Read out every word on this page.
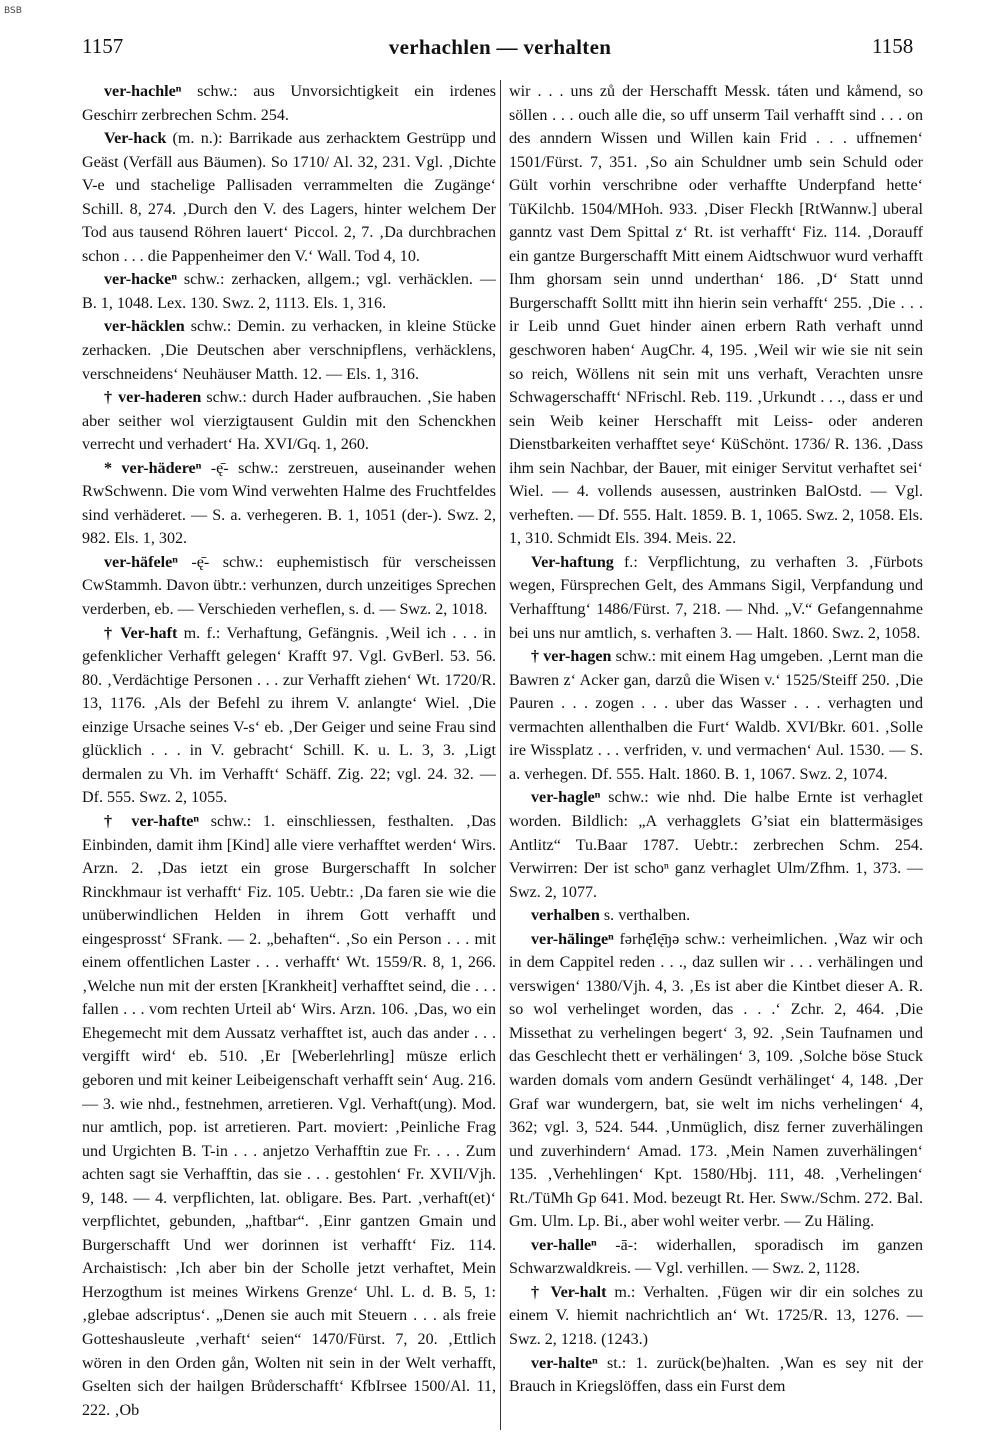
BSB
1157	verhachlen — verhalten	1158

ver-hachleⁿ schw.: aus Unvorsichtigkeit ein irdenes Geschirr zerbrechen Schm. 254.

Ver-hack (m. n.): Barrikade aus zerhacktem Gestrüpp und Geäst (Verfäll aus Bäumen). So 1710/ Al. 32, 231. Vgl. ‚Dichte V-e und stachelige Pallisaden verrammelten die Zugänge‘ Schill. 8, 274. ‚Durch den V. des Lagers, hinter welchem Der Tod aus tausend Röhren lauert‘ Piccol. 2, 7. ‚Da durchbrachen schon . . . die Pappenheimer den V.‘ Wall. Tod 4, 10.

ver-hackeⁿ schw.: zerhacken, allgem.; vgl. verhäcklen. — B. 1, 1048. Lex. 130. Swz. 2, 1113. Els. 1, 316.

ver-häcklen schw.: Demin. zu verhacken, in kleine Stücke zerhacken. ‚Die Deutschen aber verschnipflens, verhäcklens, verschneidens‘ Neuhäuser Matth. 12. — Els. 1, 316.

† ver-haderen schw.: durch Hader aufbrauchen. ‚Sie haben aber seither wol vierzigtausent Guldin mit den Schenckhen verrecht und verhadert‘ Ha. XVI/Gq. 1, 260.

* ver-hädereⁿ -ę̄- schw.: zerstreuen, auseinander wehen RwSchwenn. Die vom Wind verwehten Halme des Fruchtfeldes sind verhäderet. — S. a. verhegeren. B. 1, 1051 (der-). Swz. 2, 982. Els. 1, 302.

ver-häfeleⁿ -ę̄- schw.: euphemistisch für verscheissen CwStammh. Davon übtr.: verhunzen, durch unzeitiges Sprechen verderben, eb. — Verschieden verheflen, s. d. — Swz. 2, 1018.

† Ver-haft m. f.: Verhaftung, Gefängnis. ‚Weil ich . . . in gefenklicher Verhafft gelegen‘ Krafft 97. Vgl. GvBerl. 53. 56. 80. ‚Verdächtige Personen . . . zur Verhafft ziehen‘ Wt. 1720/R. 13, 1176. ‚Als der Befehl zu ihrem V. anlangte‘ Wiel. ‚Die einzige Ursache seines V-s‘ eb. ‚Der Geiger und seine Frau sind glücklich . . . in V. gebracht‘ Schill. K. u. L. 3, 3. ‚Ligt dermalen zu Vh. im Verhafft‘ Schäff. Zig. 22; vgl. 24. 32. — Df. 555. Swz. 2, 1055.

† ver-hafteⁿ schw.: 1. einschliessen, festhalten. ‚Das Einbinden, damit ihm [Kind] alle viere verhafftet werden‘ Wirs. Arzn. 2. ‚Das ietzt ein grose Burgerschafft In solcher Rinckhmaur ist verhafft‘ Fiz. 105. Uebtr.: ‚Da faren sie wie die unüberwindlichen Helden in ihrem Gott verhafft und eingesprosst‘ SFrank. — 2. „behaften“. ‚So ein Person . . . mit einem offentlichen Laster . . . verhafft‘ Wt. 1559/R. 8, 1, 266. ‚Welche nun mit der ersten [Krankheit] verhafftet seind, die . . . fallen . . . vom rechten Urteil ab‘ Wirs. Arzn. 106. ‚Das, wo ein Ehegemecht mit dem Aussatz verhafftet ist, auch das ander . . . vergifft wird‘ eb. 510. ‚Er [Weberlehrling] müsze erlich geboren und mit keiner Leibeigenschaft verhafft sein‘ Aug. 216. — 3. wie nhd., festnehmen, arretieren. Vgl. Verhaft(ung). Mod. nur amtlich, pop. ist arretieren. Part. moviert: ‚Peinliche Frag und Urgichten B. T-in . . . anjetzo Verhafftin zue Fr. . . . Zum achten sagt sie Verhafftin, das sie . . . gestohlen‘ Fr. XVII/Vjh. 9, 148. — 4. verpflichten, lat. obligare. Bes. Part. ‚verhaft(et)‘ verpflichtet, gebunden, „haftbar“. ‚Einr gantzen Gmain und Burgerschafft Und wer dorinnen ist verhafft‘ Fiz. 114. Archaistisch: ‚Ich aber bin der Scholle jetzt verhaftet, Mein Herzogthum ist meines Wirkens Grenze‘ Uhl. L. d. B. 5, 1: ‚glebae adscriptus‘. „Denen sie auch mit Steuern . . . als freie Gotteshausleute ‚verhaft‘ seien“ 1470/Fürst. 7, 20. ‚Ettlich wören in den Orden gån, Wolten nit sein in der Welt verhafft, Gselten sich der hailgen Brůderschafft‘ KfbIrsee 1500/Al. 11, 222. ‚Ob

wir . . . uns zů der Herschafft Messk. táten und kåmend, so söllen . . . ouch alle die, so uff unserm Tail verhafft sind . . . on des anndern Wissen und Willen kain Frid . . . uffnemen‘ 1501/Fürst. 7, 351. ‚So ain Schuldner umb sein Schuld oder Gült vorhin verschribne oder verhaffte Underpfand hette‘ TüKilchb. 1504/MHoh. 933. ‚Diser Fleckh [RtWannw.] uberal ganntz vast Dem Spittal z‘ Rt. ist verhafft‘ Fiz. 114. ‚Dorauff ein gantze Burgerschafft Mitt einem Aidtschwuor wurd verhafft Ihm ghorsam sein unnd underthan‘ 186. ‚D‘ Statt unnd Burgerschafft Solltt mitt ihn hierin sein verhafft‘ 255. ‚Die . . . ir Leib unnd Guet hinder ainen erbern Rath verhaft unnd geschworen haben‘ AugChr. 4, 195. ‚Weil wir wie sie nit sein so reich, Wöllens nit sein mit uns verhaft, Verachten unsre Schwagerschafft‘ NFrischl. Reb. 119. ‚Urkundt . . ., dass er und sein Weib keiner Herschafft mit Leiss- oder anderen Dienstbarkeiten verhafftet seye‘ KüSchönt. 1736/ R. 136. ‚Dass ihm sein Nachbar, der Bauer, mit einiger Servitut verhaftet sei‘ Wiel. — 4. vollends ausessen, austrinken BalOstd. — Vgl. verheften. — Df. 555. Halt. 1859. B. 1, 1065. Swz. 2, 1058. Els. 1, 310. Schmidt Els. 394. Meis. 22.

Ver-haftung f.: Verpflichtung, zu verhaften 3. ‚Fürbots wegen, Fürsprechen Gelt, des Ammans Sigil, Verpfandung und Verhafftung‘ 1486/Fürst. 7, 218. — Nhd. „V.“ Gefangennahme bei uns nur amtlich, s. verhaften 3. — Halt. 1860. Swz. 2, 1058.

† ver-hagen schw.: mit einem Hag umgeben. ‚Lernt man die Bawren z‘ Acker gan, darzů die Wisen v.‘ 1525/Steiff 250. ‚Die Pauren . . . zogen . . . uber das Wasser . . . verhagten und vermachten allenthalben die Furt‘ Waldb. XVI/Bkr. 601. ‚Solle ire Wissplatz . . . verfriden, v. und vermachen‘ Aul. 1530. — S. a. verhegen. Df. 555. Halt. 1860. B. 1, 1067. Swz. 2, 1074.

ver-hagleⁿ schw.: wie nhd. Die halbe Ernte ist verhaglet worden. Bildlich: „A verhagglets G’siat ein blattermäsiges Antlitz“ Tu.Baar 1787. Uebtr.: zerbrechen Schm. 254. Verwirren: Der ist schoⁿ ganz verhaglet Ulm/Zfhm. 1, 373. — Swz. 2, 1077.

verhalben s. verthalben.

ver-hälingeⁿ fərhę̄lę̄ŋə schw.: verheimlichen. ‚Waz wir och in dem Cappitel reden . . ., daz sullen wir . . . verhälingen und verswigen‘ 1380/Vjh. 4, 3. ‚Es ist aber die Kintbet dieser A. R. so wol verhelinget worden, das . . .‘ Zchr. 2, 464. ‚Die Missethat zu verhelingen begert‘ 3, 92. ‚Sein Taufnamen und das Geschlecht thett er verhälingen‘ 3, 109. ‚Solche böse Stuck warden domals vom andern Gesündt verhälinget‘ 4, 148. ‚Der Graf war wundergern, bat, sie welt im nichs verhelingen‘ 4, 362; vgl. 3, 524. 544. ‚Unmüglich, disz ferner zuverhälingen und zuverhindern‘ Amad. 173. ‚Mein Namen zuverhälingen‘ 135. ‚Verhehlingen‘ Kpt. 1580/Hbj. 111, 48. ‚Verhelingen‘ Rt./TüMh Gp 641. Mod. bezeugt Rt. Her. Sww./Schm. 272. Bal. Gm. Ulm. Lp. Bi., aber wohl weiter verbr. — Zu Häling.

ver-halleⁿ -ā-: widerhallen, sporadisch im ganzen Schwarzwaldkreis. — Vgl. verhillen. — Swz. 2, 1128.

† Ver-halt m.: Verhalten. ‚Fügen wir dir ein solches zu einem V. hiemit nachrichtlich an‘ Wt. 1725/R. 13, 1276. — Swz. 2, 1218. (1243.)

ver-halteⁿ st.: 1. zurück(be)halten. ‚Wan es sey nit der Brauch in Kriegslöffen, dass ein Furst dem
